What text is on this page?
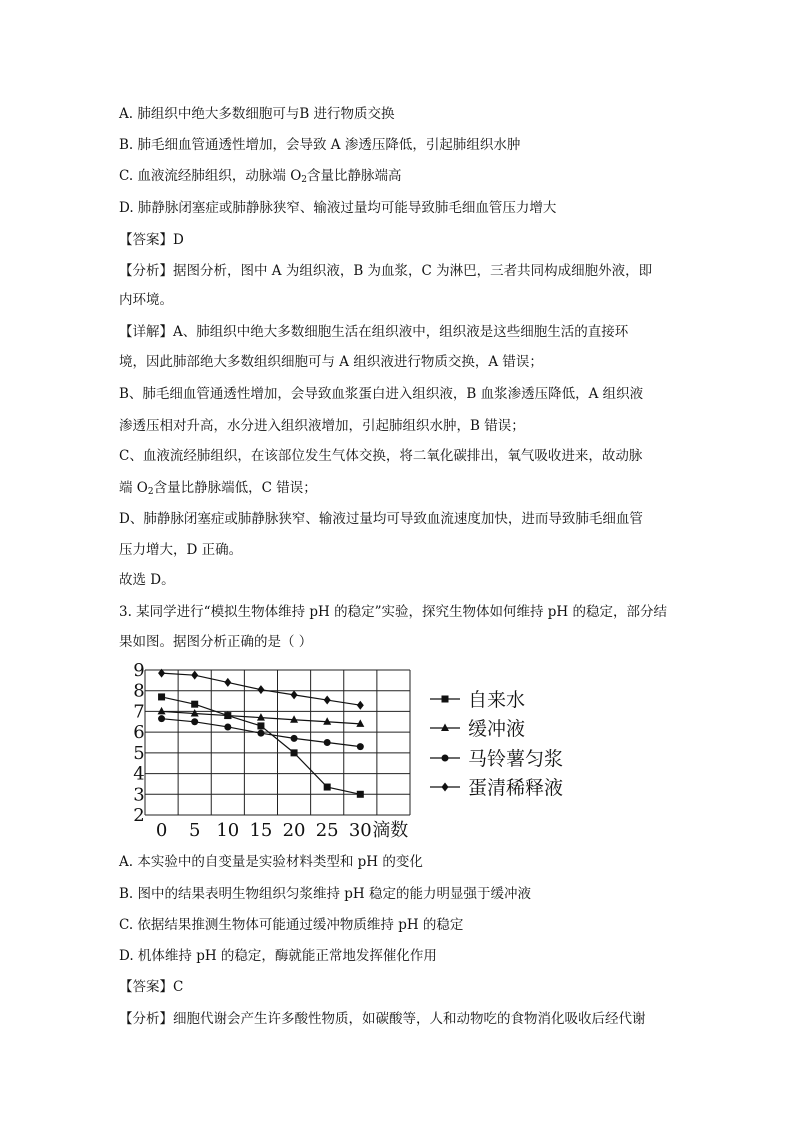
A. 肺组织中绝大多数细胞可与B 进行物质交换
B. 肺毛细血管通透性增加，会导致 A 渗透压降低，引起肺组织水肿
C. 血液流经肺组织，动脉端 $O_2$含量比静脉端高
D. 肺静脉闭塞症或肺静脉狭窄、输液过量均可能导致肺毛细血管压力增大
【答案】D
【分析】据图分析，图中 A 为组织液，B 为血浆，C 为淋巴，三者共同构成细胞外液，即
内环境。
【详解】A、肺组织中绝大多数细胞生活在组织液中，组织液是这些细胞生活的直接环
境，因此肺部绝大多数组织细胞可与 A 组织液进行物质交换，A 错误；
B、肺毛细血管通透性增加，会导致血浆蛋白进入组织液，B 血浆渗透压降低，A 组织液
渗透压相对升高，水分进入组织液增加，引起肺组织水肿，B 错误；
C、血液流经肺组织，在该部位发生气体交换，将二氧化碳排出，氧气吸收进来，故动脉
端 $O_2$含量比静脉端低，C 错误；
D、肺静脉闭塞症或肺静脉狭窄、输液过量均可导致血流速度加快，进而导致肺毛细血管
压力增大，D 正确。
故选 D。
3. 某同学进行“模拟生物体维持 pH 的稳定”实验，探究生物体如何维持 pH 的稳定，部分结
果如图。据图分析正确的是（ ）
A. 本实验中的自变量是实验材料类型和 pH 的变化
B. 图中的结果表明生物组织匀浆维持 pH 稳定的能力明显强于缓冲液
C. 依据结果推测生物体可能通过缓冲物质维持 pH 的稳定
D. 机体维持 pH 的稳定，酶就能正常地发挥催化作用
【答案】C
【分析】细胞代谢会产生许多酸性物质，如碳酸等，人和动物吃的食物消化吸收后经代谢
2
3
4
5
6
7
8
9
0 5 10 15 20 25 30 滴数
自来水
缓冲液
马铃薯匀浆
蛋清稀释液
